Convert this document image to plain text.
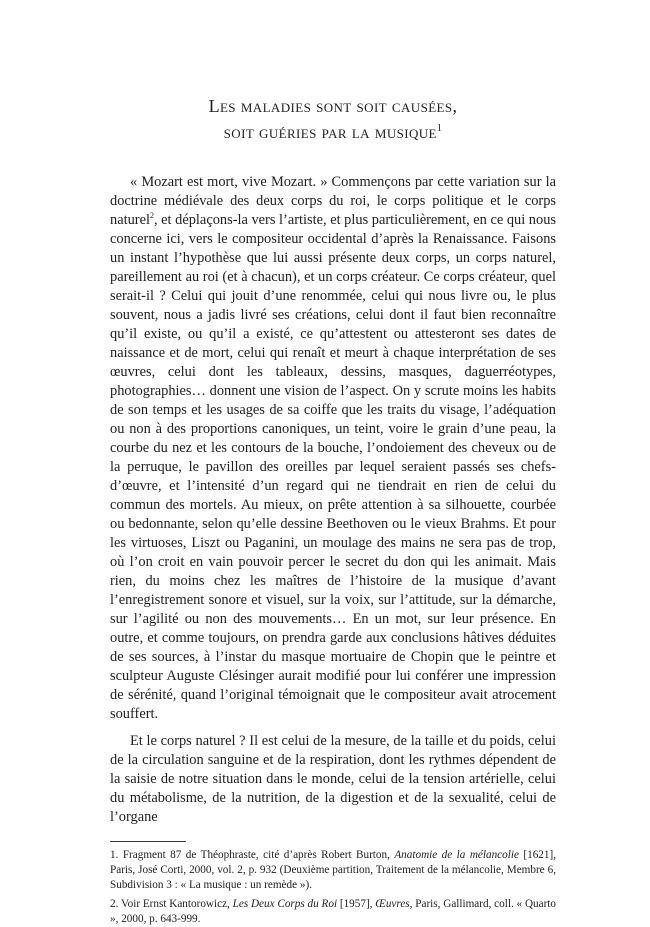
Les maladies sont soit causées,
soit guéries par la musique$^1$

« Mozart est mort, vive Mozart. » Commençons par cette variation sur la doctrine médiévale des deux corps du roi, le corps politique et le corps naturel$^2$, et déplaçons-la vers l’artiste, et plus particulièrement, en ce qui nous concerne ici, vers le compositeur occidental d’après la Renaissance. Faisons un instant l’hypothèse que lui aussi présente deux corps, un corps naturel, pareillement au roi (et à chacun), et un corps créateur. Ce corps créateur, quel serait-il ? Celui qui jouit d’une renommée, celui qui nous livre ou, le plus souvent, nous a jadis livré ses créations, celui dont il faut bien reconnaître qu’il existe, ou qu’il a existé, ce qu’attestent ou attesteront ses dates de naissance et de mort, celui qui renaît et meurt à chaque interprétation de ses œuvres, celui dont les tableaux, dessins, masques, daguerréotypes, photographies… donnent une vision de l’aspect. On y scrute moins les habits de son temps et les usages de sa coiffe que les traits du visage, l’adéquation ou non à des proportions canoniques, un teint, voire le grain d’une peau, la courbe du nez et les contours de la bouche, l’ondoiement des cheveux ou de la perruque, le pavillon des oreilles par lequel seraient passés ses chefs-d’œuvre, et l’intensité d’un regard qui ne tiendrait en rien de celui du commun des mortels. Au mieux, on prête attention à sa silhouette, courbée ou bedonnante, selon qu’elle dessine Beethoven ou le vieux Brahms. Et pour les virtuoses, Liszt ou Paganini, un moulage des mains ne sera pas de trop, où l’on croit en vain pouvoir percer le secret du don qui les animait. Mais rien, du moins chez les maîtres de l’histoire de la musique d’avant l’enregistrement sonore et visuel, sur la voix, sur l’attitude, sur la démarche, sur l’agilité ou non des mouvements… En un mot, sur leur présence. En outre, et comme toujours, on prendra garde aux conclusions hâtives déduites de ses sources, à l’instar du masque mortuaire de Chopin que le peintre et sculpteur Auguste Clésinger aurait modifié pour lui conférer une impression de sérénité, quand l’original témoignait que le compositeur avait atrocement souffert.

Et le corps naturel ? Il est celui de la mesure, de la taille et du poids, celui de la circulation sanguine et de la respiration, dont les rythmes dépendent de la saisie de notre situation dans le monde, celui de la tension artérielle, celui du métabolisme, de la nutrition, de la digestion et de la sexualité, celui de l’organe

1. Fragment 87 de Théophraste, cité d’après Robert Burton, Anatomie de la mélancolie [1621], Paris, José Corti, 2000, vol. 2, p. 932 (Deuxième partition, Traitement de la mélancolie, Membre 6, Subdivision 3 : « La musique : un remède »).

2. Voir Ernst Kantorowicz, Les Deux Corps du Roi [1957], Œuvres, Paris, Gallimard, coll. « Quarto », 2000, p. 643-999.
